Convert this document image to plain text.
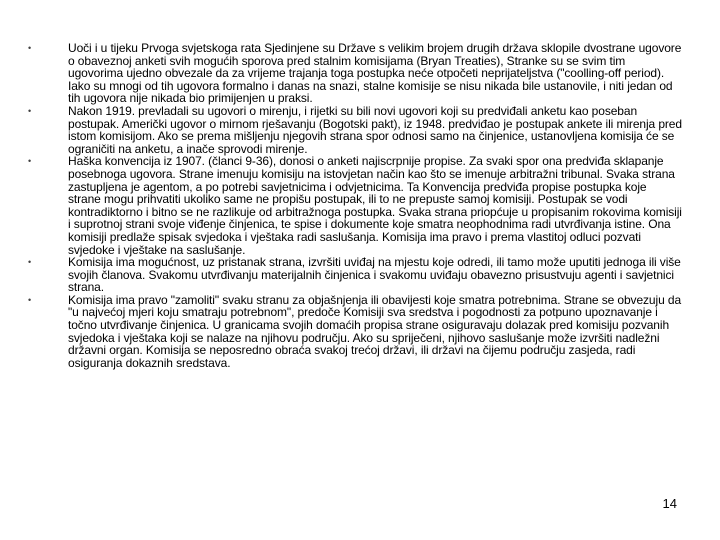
•	Uoči i u tijeku Prvoga svjetskoga rata Sjedinjene su Države s velikim brojem drugih država sklopile dvostrane ugovore o obaveznoj anketi svih mogućih sporova pred stalnim komisijama (Bryan Treaties), Stranke su se svim tim ugovorima ujedno obvezale da za vrijeme trajanja toga postupka neće otpočeti neprijateljstva ("coolling-off period). Iako su mnogi od tih ugovora formalno i danas na snazi, stalne komisije se nisu nikada bile ustanovile, i niti jedan od tih ugovora nije nikada bio primijenjen u praksi.
•	Nakon 1919. prevladali su ugovori o mirenju, i rijetki su bili novi ugovori koji su predviđali anketu kao poseban postupak. Američki ugovor o mirnom rješavanju (Bogotski pakt), iz 1948. predviđao je postupak ankete ili mirenja pred istom komisijom. Ako se prema mišljenju njegovih strana spor odnosi samo na činjenice, ustanovljena komisija će se ograničiti na anketu, a inače sprovodi mirenje.
•	Haška konvencija iz 1907. (članci 9-36), donosi o anketi najiscrpnije propise. Za svaki spor ona predviđa sklapanje posebnoga ugovora. Strane imenuju komisiju na istovjetan način kao što se imenuje arbitražni tribunal. Svaka strana zastupljena je agentom, a po potrebi savjetnicima i odvjetnicima. Ta Konvencija predviđa propise postupka koje strane mogu prihvatiti ukoliko same ne propišu postupak, ili to ne prepuste samoj komisiji. Postupak se vodi kontradiktorno i bitno se ne razlikuje od arbitražnoga postupka. Svaka strana priopćuje u propisanim rokovima komisiji i suprotnoj strani svoje viđenje činjenica, te spise i dokumente koje smatra neophodnima radi utvrđivanja istine. Ona komisiji predlaže spisak svjedoka i vještaka radi saslušanja. Komisija ima pravo i prema vlastitoj odluci pozvati svjedoke i vještake na saslušanje.
•	Komisija ima mogućnost, uz pristanak strana, izvršiti uviđaj na mjestu koje odredi, ili tamo može uputiti jednoga ili više svojih članova. Svakomu utvrđivanju materijalnih činjenica i svakomu uviđaju obavezno prisustvuju agenti i savjetnici strana.
•	Komisija ima pravo "zamoliti" svaku stranu za objašnjenja ili obavijesti koje smatra potrebnima. Strane se obvezuju da "u najvećoj mjeri koju smatraju potrebnom", predoče Komisiji sva sredstva i pogodnosti za potpuno upoznavanje i točno utvrđivanje činjenica. U granicama svojih domaćih propisa strane osiguravaju dolazak pred komisiju pozvanih svjedoka i vještaka koji se nalaze na njihovu području. Ako su spriječeni, njihovo saslušanje može izvršiti nadležni državni organ. Komisija se neposredno obraća svakoj trećoj državi, ili državi na čijemu području zasjeda, radi osiguranja dokaznih sredstava.
14
